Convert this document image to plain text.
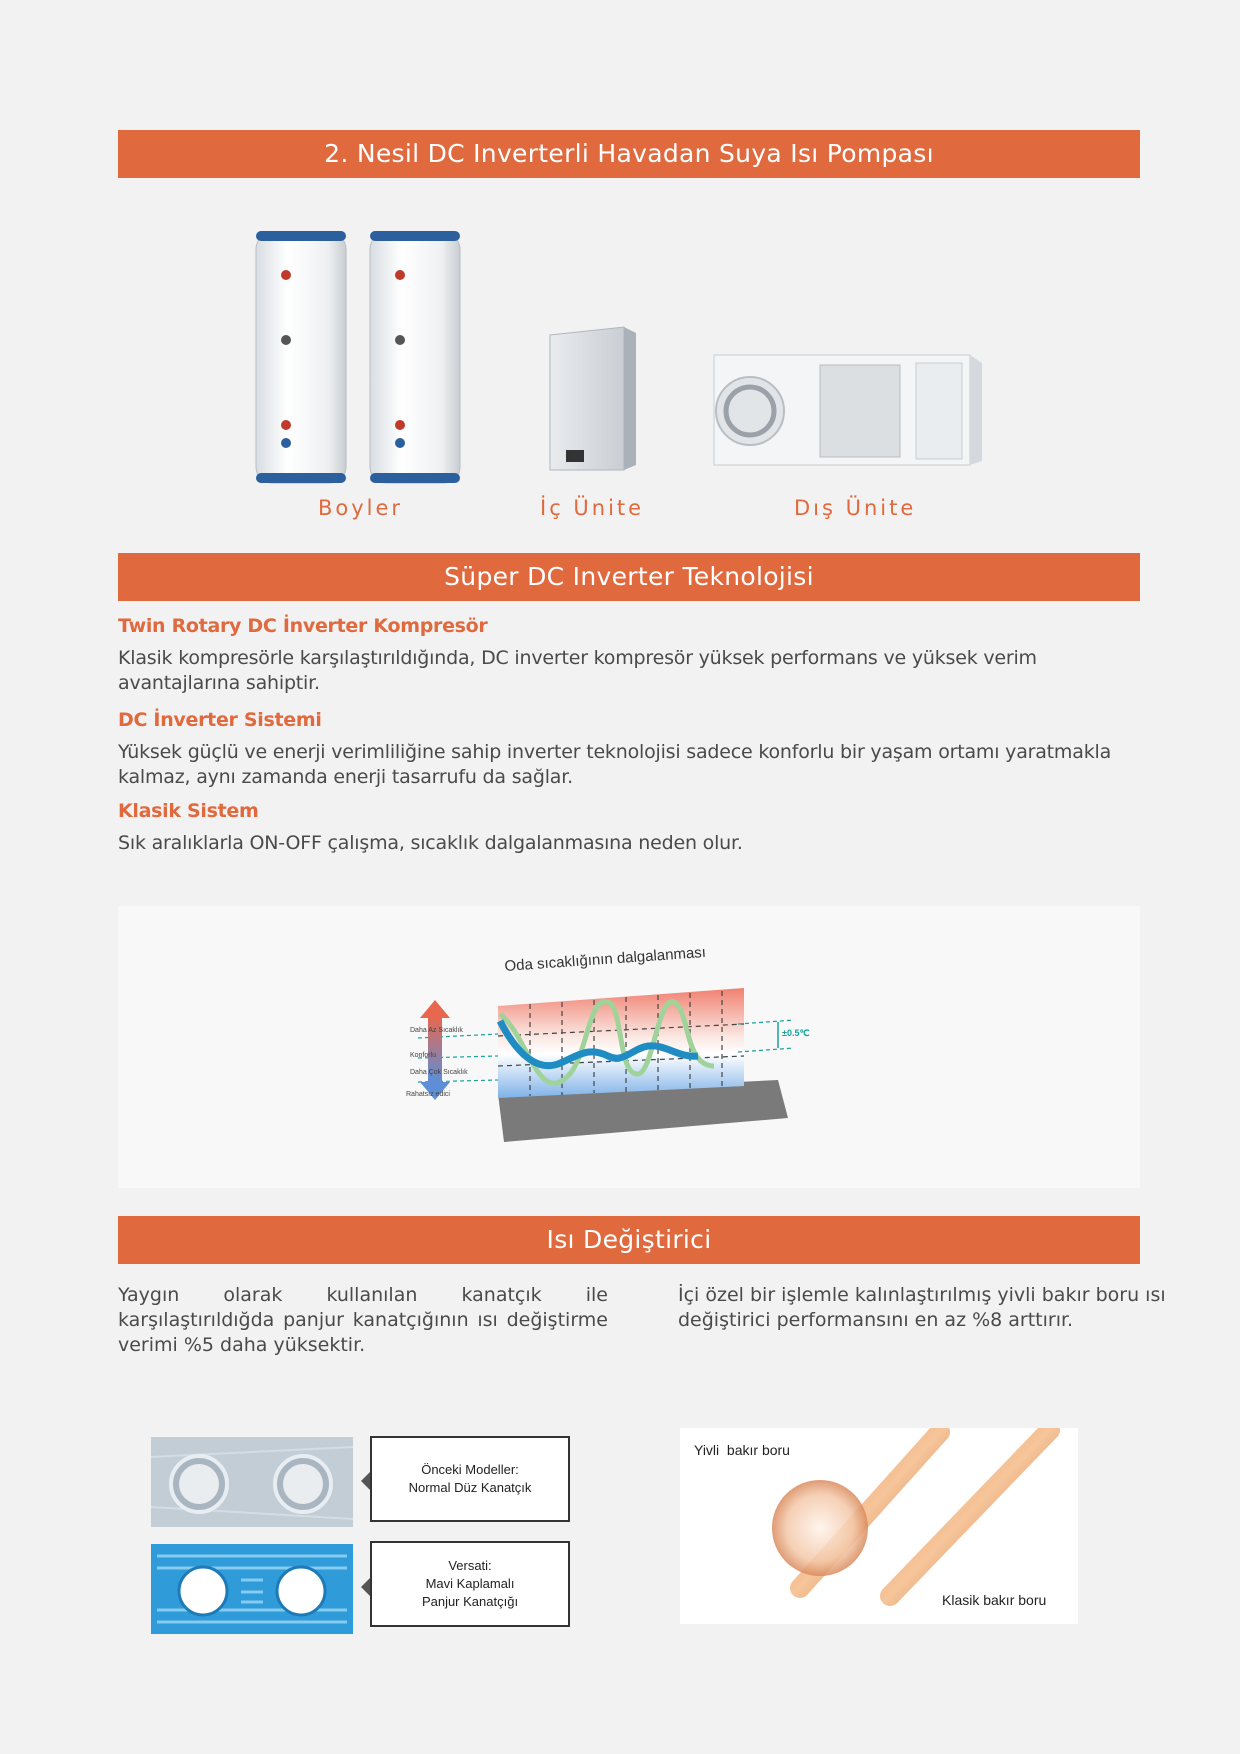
2. Nesil DC Inverterli Havadan Suya Isı Pompası
Boyler	İç Ünite	Dış Ünite
Süper DC Inverter Teknolojisi
Twin Rotary DC İnverter Kompresör
Klasik kompresörle karşılaştırıldığında, DC inverter kompresör yüksek performans ve yüksek verim avantajlarına sahiptir.
DC İnverter Sistemi
Yüksek güçlü ve enerji verimliliğine sahip inverter teknolojisi sadece konforlu bir yaşam ortamı yaratmakla kalmaz, aynı zamanda enerji tasarrufu da sağlar.
Klasik Sistem
Sık aralıklarla ON-OFF çalışma, sıcaklık dalgalanmasına neden olur.
Oda sıcaklığının dalgalanması
±0.5℃
Daha Az Sıcaklık
Konforlu
Daha Çok Sıcaklık
Rahatsız edici
Isı Değiştirici
Yaygın olarak kullanılan kanatçık ile karşılaştırıldığda panjur kanatçığının ısı değiştirme verimi %5 daha yüksektir.
İçi özel bir işlemle kalınlaştırılmış yivli bakır boru ısı değiştirici performansını en az %8 arttırır.
Önceki Modeller:
Normal Düz Kanatçık
Versati:
Mavi Kaplamalı
Panjur Kanatçığı
Yivli  bakır boru
Klasik bakır boru
